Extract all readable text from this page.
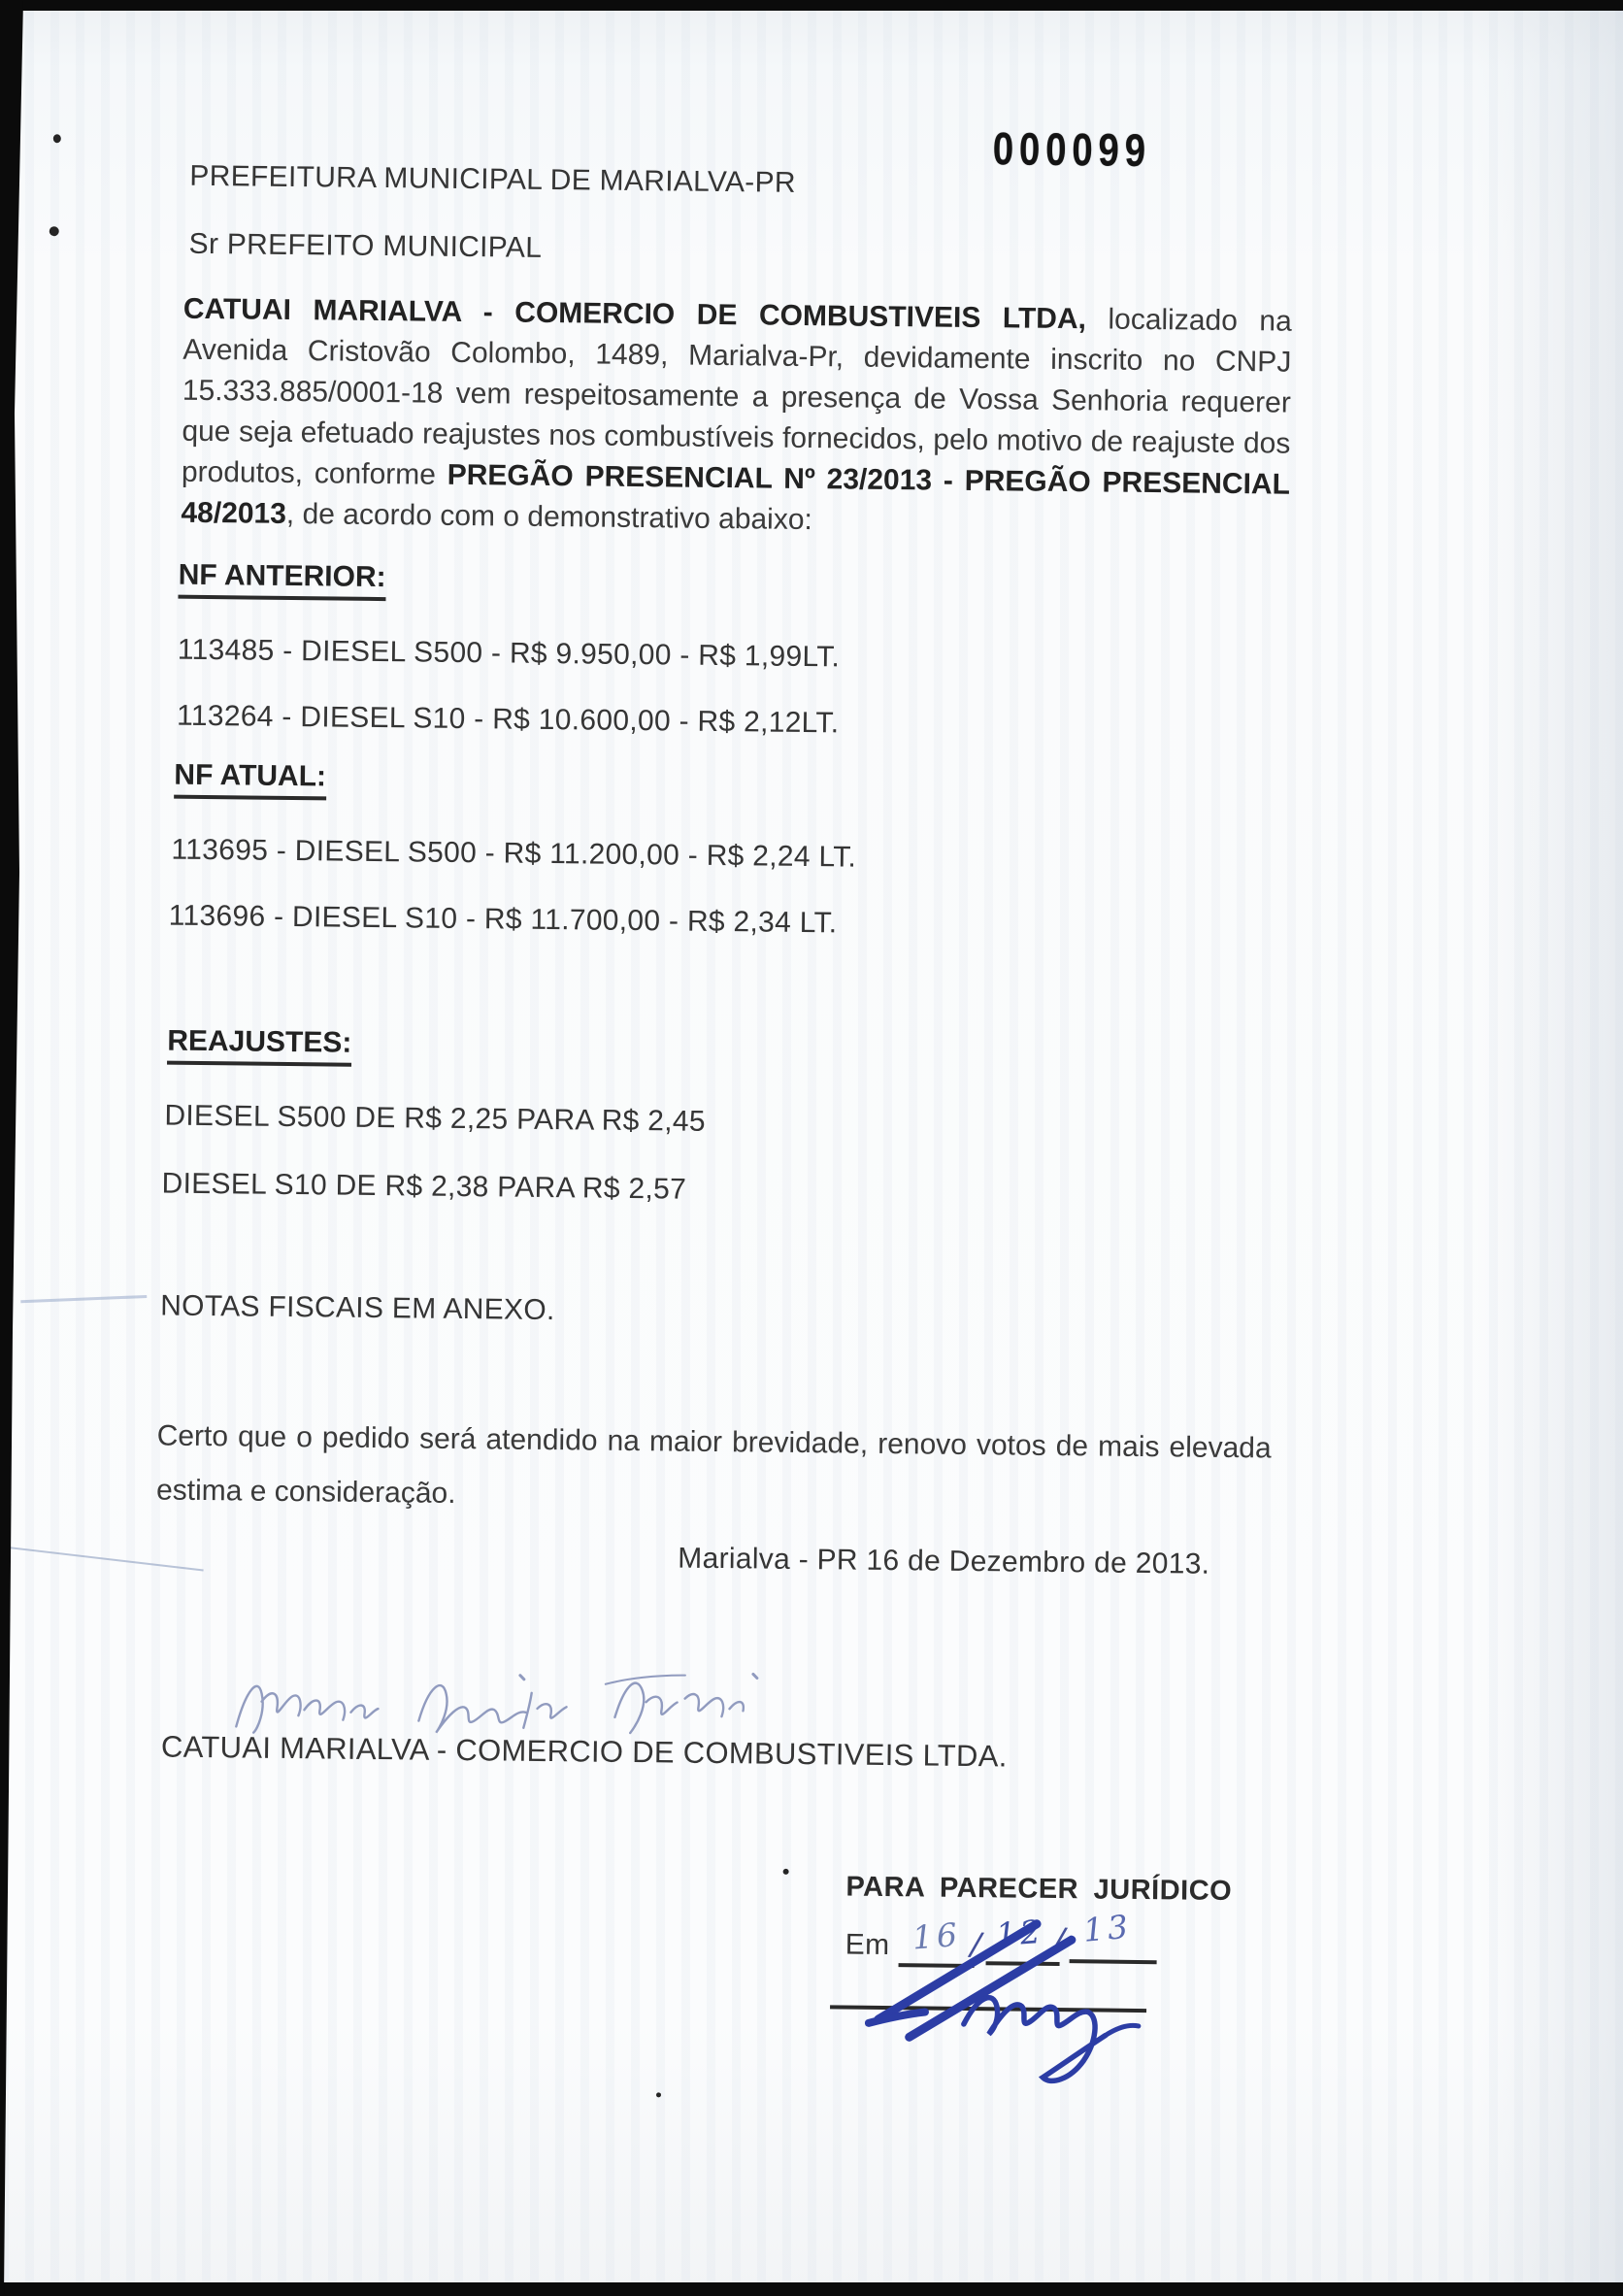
000099
PREFEITURA MUNICIPAL DE MARIALVA-PR
Sr PREFEITO MUNICIPAL
CATUAI MARIALVA - COMERCIO DE COMBUSTIVEIS LTDA, localizado na Avenida Cristovão Colombo, 1489, Marialva-Pr, devidamente inscrito no CNPJ 15.333.885/0001-18 vem respeitosamente a presença de Vossa Senhoria requerer que seja efetuado reajustes nos combustíveis fornecidos, pelo motivo de reajuste dos produtos, conforme PREGÃO PRESENCIAL Nº 23/2013 - PREGÃO PRESENCIAL 48/2013, de acordo com o demonstrativo abaixo:
NF ANTERIOR:
113485 - DIESEL S500 - R$ 9.950,00 - R$ 1,99LT.
113264 - DIESEL S10 - R$ 10.600,00 - R$ 2,12LT.
NF ATUAL:
113695 - DIESEL S500 - R$ 11.200,00 - R$ 2,24 LT.
113696 - DIESEL S10 - R$ 11.700,00 - R$ 2,34 LT.
REAJUSTES:
DIESEL S500 DE R$ 2,25 PARA R$ 2,45
DIESEL S10 DE R$ 2,38 PARA R$ 2,57
NOTAS FISCAIS EM ANEXO.
Certo que o pedido será atendido na maior brevidade, renovo votos de mais elevada estima e consideração.
Marialva - PR 16 de Dezembro de 2013.
CATUAI MARIALVA - COMERCIO DE COMBUSTIVEIS LTDA.
PARA PARECER JURÍDICO
Em / /
16 12 13
